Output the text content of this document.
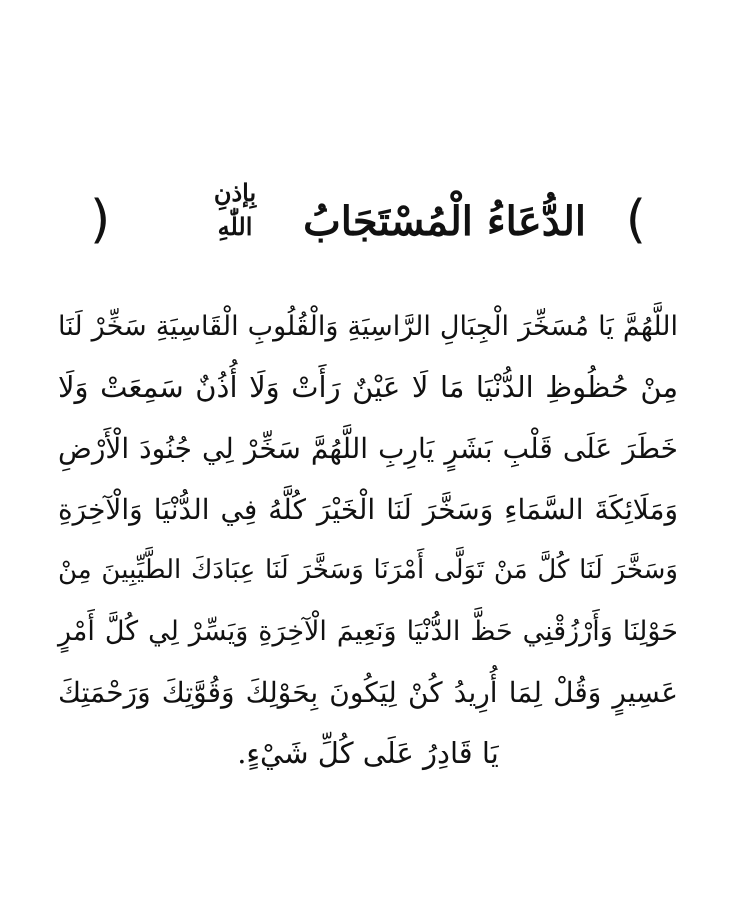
)	بِإذنِ
اللّٰهِ	الدُّعَاءُ الْمُسْتَجَابُ (
اللَّهُمَّ يَا مُسَخِّرَ الْجِبَالِ الرَّاسِيَةِ وَالْقُلُوبِ الْقَاسِيَةِ سَخِّرْ لَنَا
مِنْ حُظُوظِ الدُّنْيَا مَا لَا عَيْنٌ رَأَتْ وَلَا أُذُنٌ سَمِعَتْ وَلَا
خَطَرَ عَلَى قَلْبِ بَشَرٍ يَارِبِ اللَّهُمَّ سَخِّرْ لِي جُنُودَ الْأَرْضِ
وَمَلَائِكَةَ السَّمَاءِ وَسَخَّرَ لَنَا الْخَيْرَ كُلَّهُ فِي الدُّنْيَا وَالْآخِرَةِ
وَسَخَّرَ لَنَا كُلَّ مَنْ تَوَلَّى أَمْرَنَا وَسَخَّرَ لَنَا عِبَادَكَ الطَّيِّبِينَ مِنْ
حَوْلِنَا وَأَرْزُقْنِي حَظَّ الدُّنْيَا وَنَعِيمَ الْآخِرَةِ وَيَسِّرْ لِي كُلَّ أَمْرٍ
عَسِيرٍ وَقُلْ لِمَا أُرِيدُ كُنْ لِيَكُونَ بِحَوْلِكَ وَقُوَّتِكَ وَرَحْمَتِكَ
يَا قَادِرُ عَلَى كُلِّ شَيْءٍ.
